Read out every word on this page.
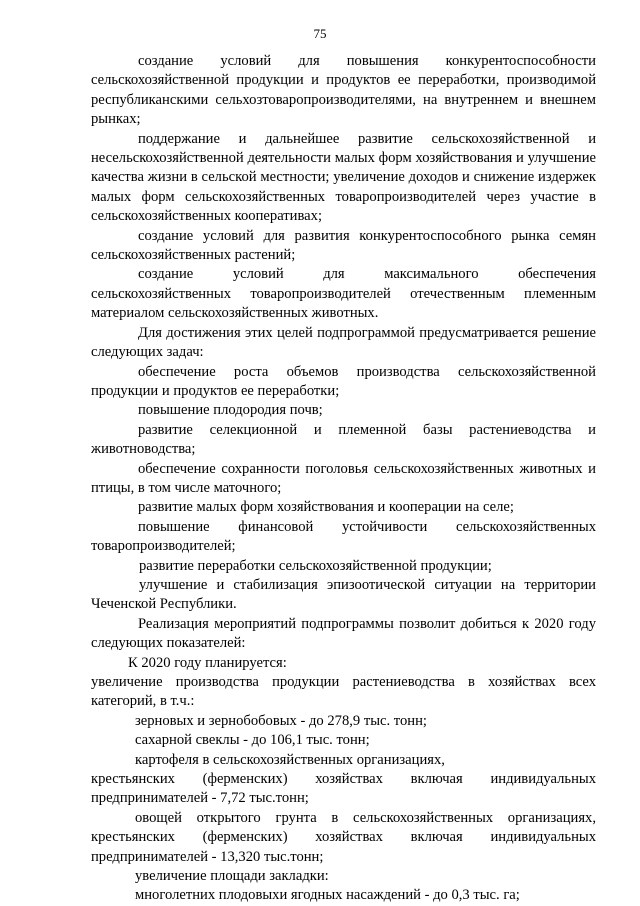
75

создание условий для повышения конкурентоспособности сельскохозяйственной продукции и продуктов ее переработки, производимой республиканскими сельхозтоваропроизводителями, на внутреннем и внешнем рынках;

поддержание и дальнейшее развитие сельскохозяйственной и несельскохозяйственной деятельности малых форм хозяйствования и улучшение качества жизни в сельской местности; увеличение доходов и снижение издержек малых форм сельскохозяйственных товаропроизводителей через участие в сельскохозяйственных кооперативах;

создание условий для развития конкурентоспособного рынка семян сельскохозяйственных растений;

создание условий для максимального обеспечения сельскохозяйственных товаропроизводителей отечественным племенным материалом сельскохозяйственных животных.

Для достижения этих целей подпрограммой предусматривается решение следующих задач:

обеспечение роста объемов производства сельскохозяйственной продукции и продуктов ее переработки;

повышение плодородия почв;

развитие селекционной и племенной базы растениеводства и животноводства;

обеспечение сохранности поголовья сельскохозяйственных животных и птицы, в том числе маточного;

развитие малых форм хозяйствования и кооперации на селе;

повышение финансовой устойчивости сельскохозяйственных товаропроизводителей;

развитие переработки сельскохозяйственной продукции;

улучшение и стабилизация эпизоотической ситуации на территории Чеченской Республики.

Реализация мероприятий подпрограммы позволит добиться к 2020 году следующих показателей:

К 2020 году планируется:

увеличение производства продукции растениеводства в хозяйствах всех категорий, в т.ч.:

зерновых и зернобобовых - до 278,9 тыс. тонн;

сахарной свеклы - до 106,1 тыс. тонн;

картофеля в сельскохозяйственных организациях,

крестьянских (ферменских) хозяйствах включая индивидуальных предпринимателей - 7,72 тыс.тонн;

овощей открытого грунта в сельскохозяйственных организациях, крестьянских (ферменских) хозяйствах включая индивидуальных предпринимателей - 13,320 тыс.тонн;

увеличение площади закладки:

многолетних плодовыхи ягодных насаждений - до 0,3 тыс. га;
